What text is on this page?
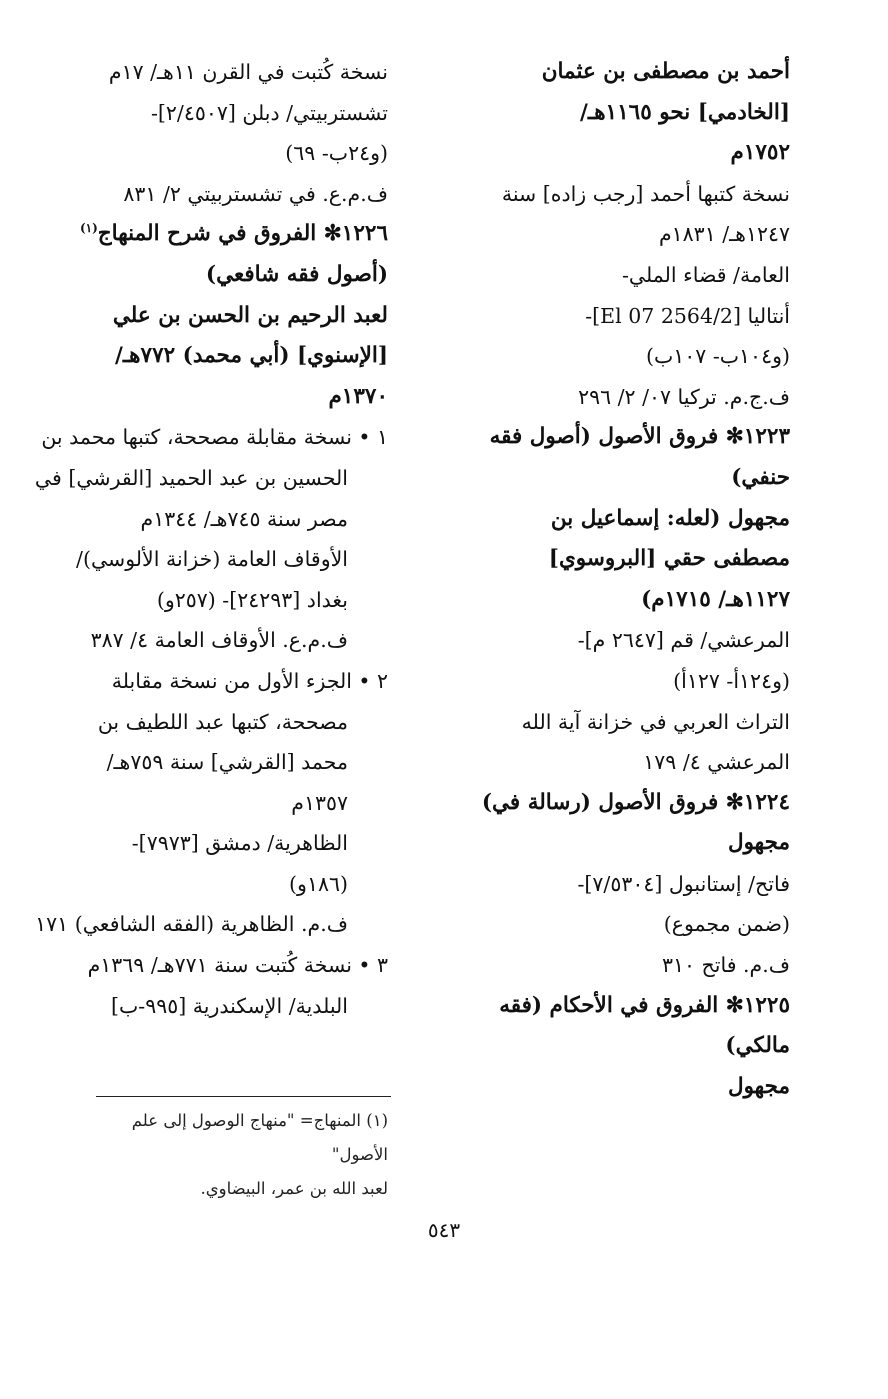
أحمد بن مصطفى بن عثمان
[الخادمي] نحو ١١٦٥هـ/
١٧٥٢م
نسخة كتبها أحمد [رجب زاده] سنة
١٢٤٧هـ/ ١٨٣١م
العامة/ قضاء الملي-
أنتاليا [2564/2 07 El]-
(و١٠٤ب- ١٠٧ب)
ف.ج.م. تركيا ٠٧/ ٢/ ٢٩٦
١٢٢٣✻ فروق الأصول (أصول فقه
حنفي)
مجهول (لعله: إسماعيل بن
مصطفى حقي [البروسوي]
١١٢٧هـ/ ١٧١٥م)
المرعشي/ قم [٢٦٤٧ م]-
(و١٢٤أ- ١٢٧أ)
التراث العربي في خزانة آية الله
المرعشي ٤/ ١٧٩
١٢٢٤✻ فروق الأصول (رسالة في)
مجهول
فاتح/ إستانبول [٧/٥٣٠٤]-
(ضمن مجموع)
ف.م. فاتح ٣١٠
١٢٢٥✻ الفروق في الأحكام (فقه
مالكي)
مجهول
نسخة كُتبت في القرن ١١هـ/ ١٧م
تشستربيتي/ دبلن [٢/٤٥٠٧]-
(و٢٤ب- ٦٩)
ف.م.ع. في تشستربيتي ٢/ ٨٣١
١٢٢٦✻ الفروق في شرح المنهاج$^{(١)}$
(أصول فقه شافعي)
لعبد الرحيم بن الحسن بن علي
[الإسنوي] (أبي محمد) ٧٧٢هـ/
١٣٧٠م
١ •
نسخة مقابلة مصححة، كتبها محمد بن
الحسين بن عبد الحميد [القرشي] في
مصر سنة ٧٤٥هـ/ ١٣٤٤م
الأوقاف العامة (خزانة الألوسي)/
بغداد [٢٤٢٩٣]- (٢٥٧و)
ف.م.ع. الأوقاف العامة ٤/ ٣٨٧
٢ •
الجزء الأول من نسخة مقابلة
مصححة، كتبها عبد اللطيف بن
محمد [القرشي] سنة ٧٥٩هـ/
١٣٥٧م
الظاهرية/ دمشق [٧٩٧٣]-
(١٨٦و)
ف.م. الظاهرية (الفقه الشافعي) ١٧١
٣ •
نسخة كُتبت سنة ٧٧١هـ/ ١٣٦٩م
البلدية/ الإسكندرية [٩٩٥-ب]
(١) المنهاج= "منهاج الوصول إلى علم الأصول"
لعبد الله بن عمر، البيضاوي.
٥٤٣
